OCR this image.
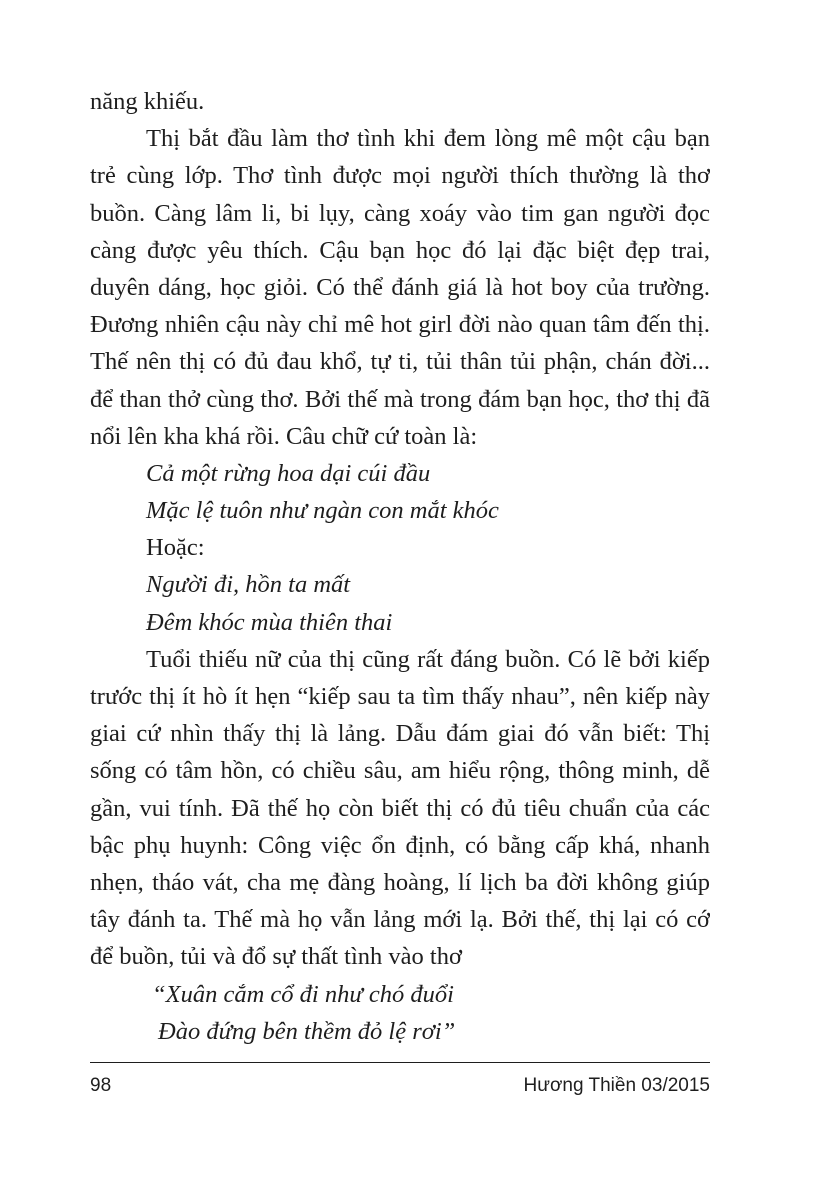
năng khiếu.
Thị bắt đầu làm thơ tình khi đem lòng mê một cậu bạn
trẻ cùng lớp. Thơ tình được mọi người thích thường là thơ
buồn. Càng lâm li, bi lụy, càng xoáy vào tim gan người đọc
càng được yêu thích. Cậu bạn học đó lại đặc biệt đẹp trai,
duyên dáng, học giỏi. Có thể đánh giá là hot boy của trường.
Đương nhiên cậu này chỉ mê hot girl đời nào quan tâm đến thị.
Thế nên thị có đủ đau khổ, tự ti, tủi thân tủi phận, chán đời...
để than thở cùng thơ. Bởi thế mà trong đám bạn học, thơ thị đã
nổi lên kha khá rồi. Câu chữ cứ toàn là:
Cả một rừng hoa dại cúi đầu
Mặc lệ tuôn như ngàn con mắt khóc
Hoặc:
Người đi, hồn ta mất
Đêm khóc mùa thiên thai
Tuổi thiếu nữ của thị cũng rất đáng buồn. Có lẽ bởi kiếp
trước thị ít hò ít hẹn “kiếp sau ta tìm thấy nhau”, nên kiếp này
giai cứ nhìn thấy thị là lảng. Dẫu đám giai đó vẫn biết: Thị
sống có tâm hồn, có chiều sâu, am hiểu rộng, thông minh, dễ
gần, vui tính. Đã thế họ còn biết thị có đủ tiêu chuẩn của các
bậc phụ huynh: Công việc ổn định, có bằng cấp khá, nhanh
nhẹn, tháo vát, cha mẹ đàng hoàng, lí lịch ba đời không giúp
tây đánh ta. Thế mà họ vẫn lảng mới lạ. Bởi thế, thị lại có cớ
để buồn, tủi và đổ sự thất tình vào thơ
“Xuân cắm cổ đi như chó đuổi
Đào đứng bên thềm đỏ lệ rơi”
98	Hương Thiền 03/2015
